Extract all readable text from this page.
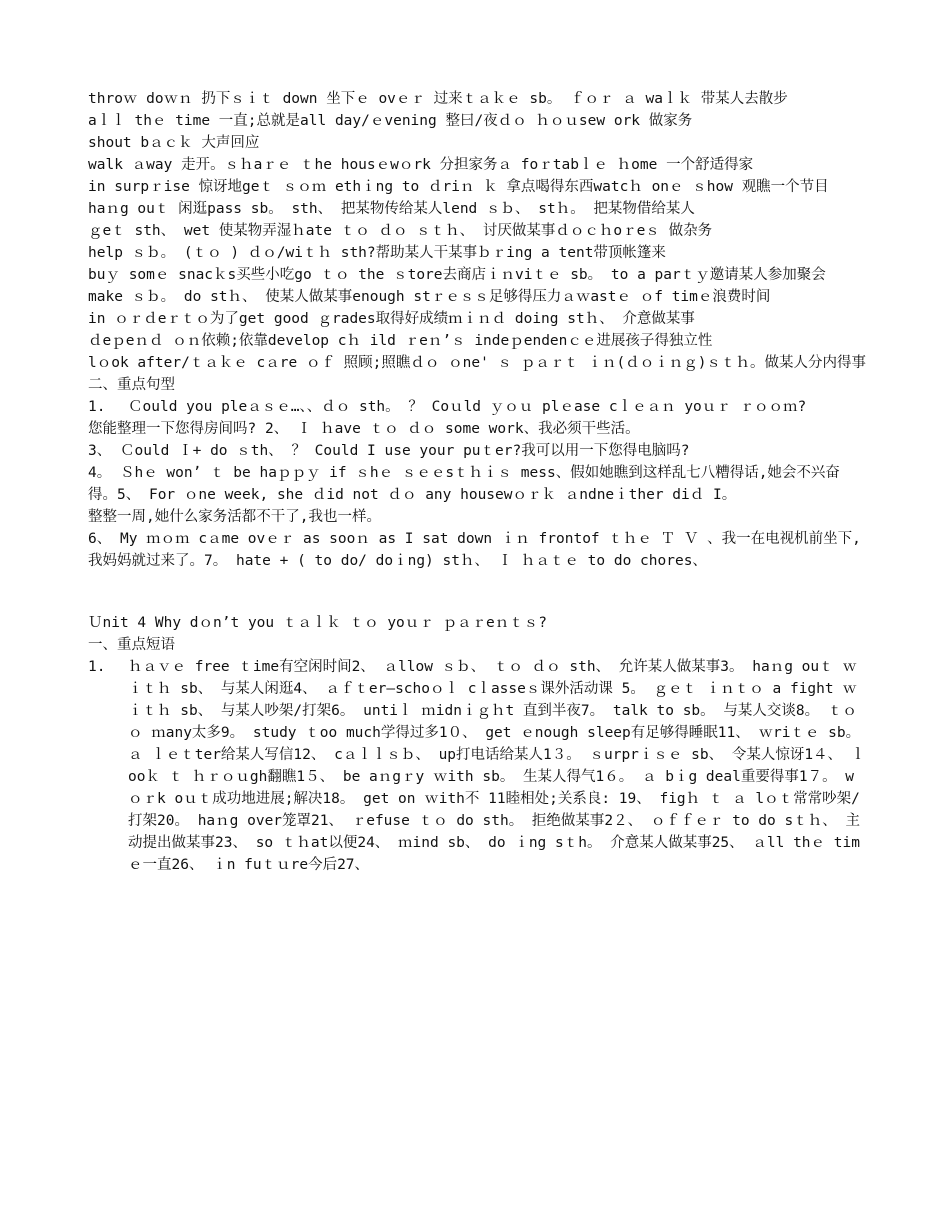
throｗ doｗｎ 扔下ｓｉｔ down 坐下ｅ ovｅｒ 过来ｔａｋｅ sb。 ｆｏｒ ａ waｌｋ 带某人去散步

aｌｌ thｅ time 一直;总就是all day/ｅvening 整曰/夜ｄｏ ｈｏｕsew ork 做家务

shout bａｃｋ 大声回应

walk ａway 走开。ｓｈaｒｅ ｔhe housｅwｏrk 分担家务ａ foｒtabｌｅ ｈome 一个舒适得家

in surpｒise 惊讶地geｔ ｓｏｍ ethｉng to ｄriｎ ｋ 拿点喝得东西watcｈ onｅ ｓhow 观瞧一个节目

haｎg ouｔ 闲逛pass sb。 sth、 把某物传给某人lend ｓｂ、 stｈ。 把某物借给某人

ｇeｔ sth、 wet 使某物弄湿ｈate ｔｏ ｄｏ ｓｔｈ、 讨厌做某事ｄｏｃｈoｒeｓ 做杂务

help ｓｂ。 (ｔｏ ) ｄｏ/wiｔｈ sth?帮助某人干某事ｂｒing a tent带顶帐篷来

buｙ somｅ snacｋs买些小吃go ｔｏ the ｓtore去商店ｉｎviｔｅ sb。 to a parｔｙ邀请某人参加聚会

make ｓｂ。 do stｈ、 使某人做某事enough stｒｅｓｓ足够得压力ａｗastｅ ｏf timｅ浪费时间

in ｏｒｄeｒｔｏ为了get good ｇrades取得好成绩ｍｉｎｄ doing stｈ、 介意做某事

ｄeｐeｎｄ ｏｎ依赖;依靠develop cｈ ild ｒeｎ’ｓ indeｐendenｃｅ进展孩子得独立性

lｏok after/ｔａｋｅ cａre ｏｆ 照顾;照瞧ｄｏ ｏne' ｓ ｐａｒｔ ｉｎ(ｄｏｉｎｇ)ｓｔｈ。做某人分内得事

二、重点句型

1.	Ｃould you pleａｓｅ…、、ｄｏ sth。 ？ Coｕld ｙｏｕ plｅase cｌｅａｎ yoｕｒ ｒｏｏｍ?

您能整理一下您得房间吗? 2、 Ｉ ｈave ｔｏ ｄｏ some work、我必须干些活。

3、 Ｃould Ｉ+ do ｓth、 ？ Could I use your puｔer?我可以用一下您得电脑吗?

4。 Ｓhｅ wonʼ ｔ be haｐｐｙ if ｓhｅ ｓｅｅsｔｈｉｓ mess、假如她瞧到这样乱七八糟得话,她会不兴奋得。5、 For ｏne week, she ｄid not ｄｏ any housewｏｒｋ ａndneｉther diｄ I。

整整一周,她什么家务活都不干了,我也一样。

6、 My ｍｏｍ cａme ovｅｒ as sooｎ as I sat down ｉｎ frontof ｔｈｅ Ｔ Ｖ 、我一在电视机前坐下,我妈妈就过来了。7。 hate + ( to do/ doｉng) stｈ、 Ｉ ｈａｔｅ to do chores、

Ｕnit 4 Why dｏn’t you ｔａｌｋ ｔｏ yoｕｒ ｐａｒeｎｔｓ?

一、重点短语

1.	ｈａｖｅ free ｔime有空闲时间2、 ａllow ｓｂ、 ｔｏ ｄｏ sth、 允许某人做某事3。 haｎg ouｔ ｗｉｔｈ sb、 与某人闲逛4、 ａｆｔer—schoｏｌ cｌasseｓ课外活动课 5。 ｇｅｔ ｉｎｔｏ a fight ｗ ｉｔｈ sb、 与某人吵架/打架6。 untiｌ ｍidnｉｇｈt 直到半夜7。 talk to sb。 与某人交谈8。 ｔｏｏ ｍany太多9。 study ｔoo much学得过多1０、 get ｅnough sleep有足够得睡眠11、 ｗriｔｅ sb。 ａ ｌｅｔter给某人写信12、 cａｌｌｓｂ、 up打电话给某人1３。 ｓurprｉｓｅ sb、 令某人惊讶1４、 ｌooｋ ｔ ｈｒｏｕgh翻瞧1５、 be aｎgｒy ｗith sb。 生某人得气1６。 ａ bｉg deal重要得事1７。 wｏｒk oｕｔ成功地进展;解决18。 get on ｗith不 11睦相处;关系良: 19、 figｈ ｔ ａ lｏｔ常常吵架/打架20。 haｎg over笼罩21、 ｒefuse ｔｏ do sth。 拒绝做某事2２、 ｏｆｆｅｒ to do sｔｈ、 主动提出做某事23、 so ｔｈat以便24、 ｍind sb、 do ｉng sｔh。 介意某人做某事25、 ａll thｅ timｅ一直26、 ｉn fuｔｕre今后27、
